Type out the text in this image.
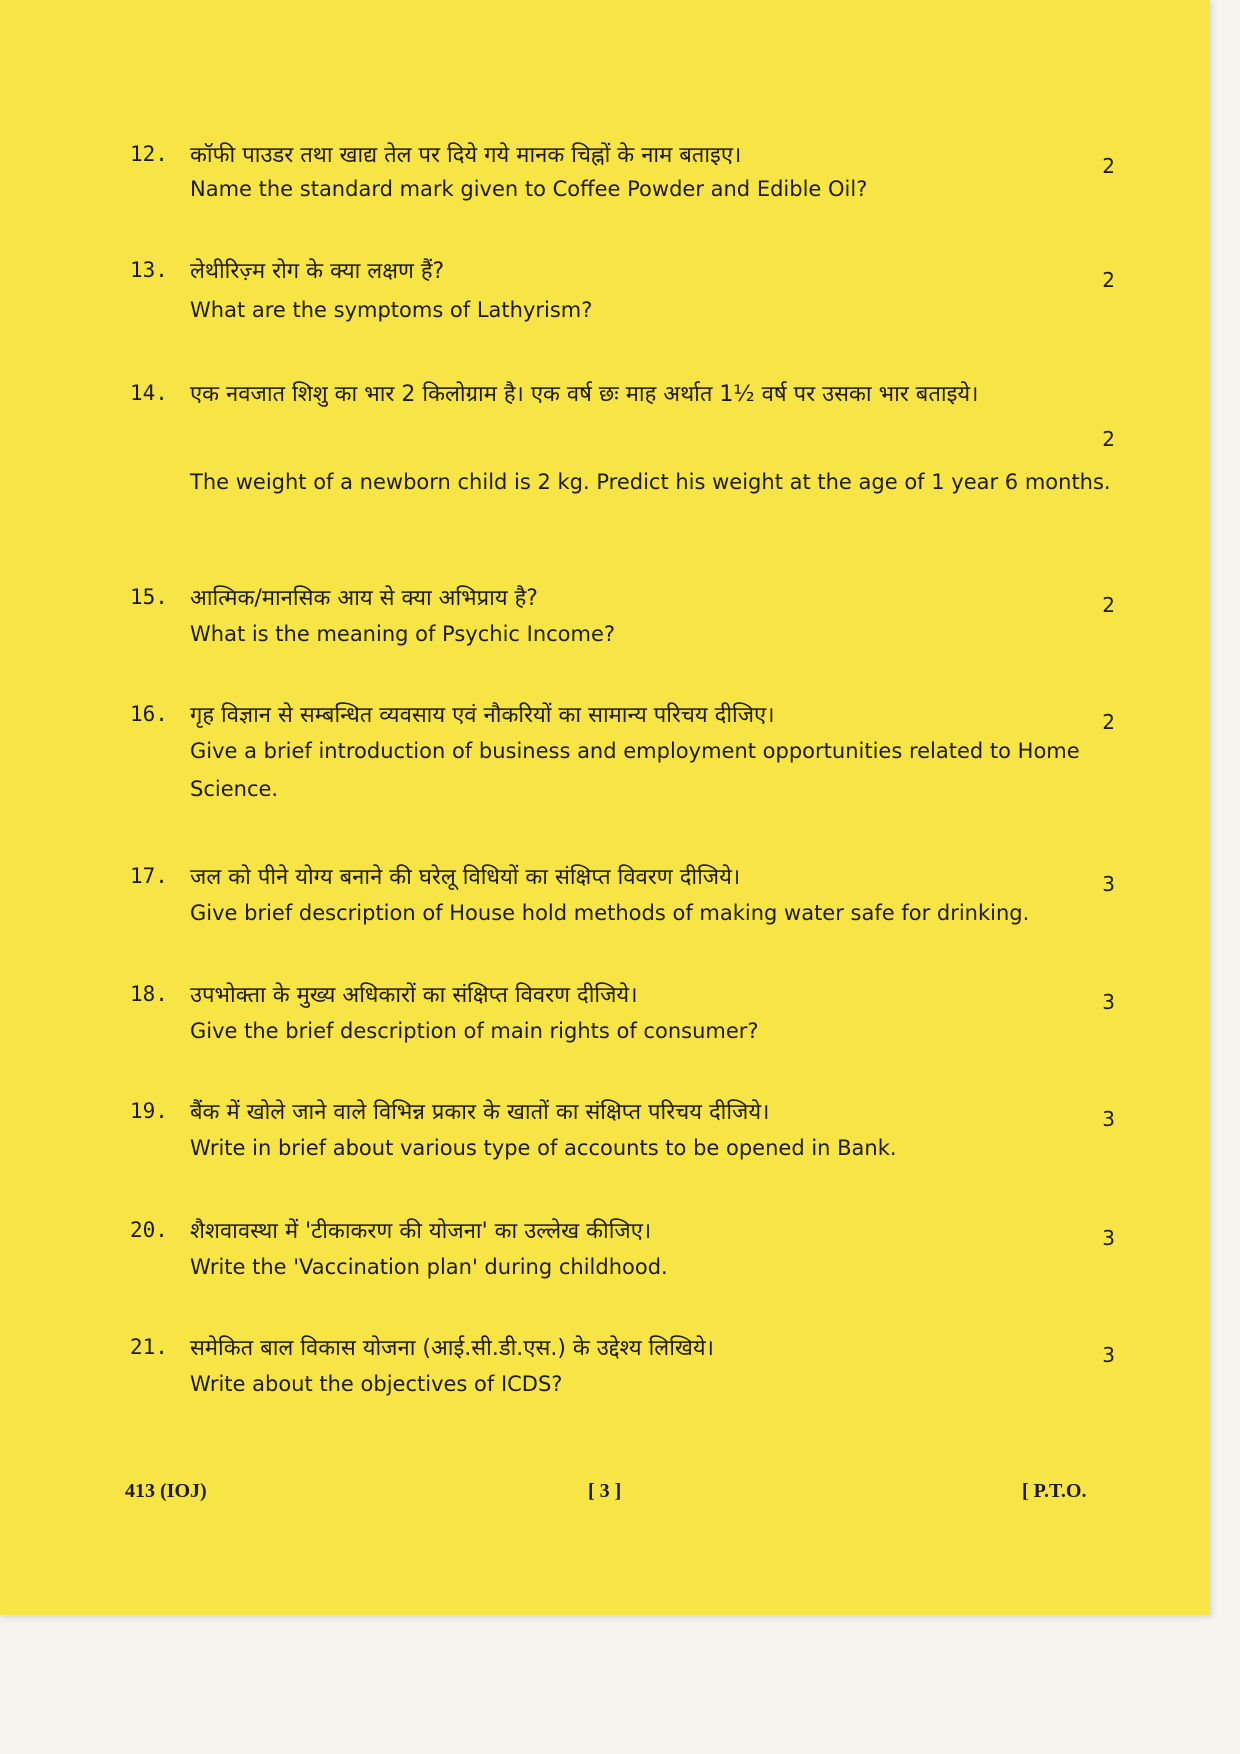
12. कॉफी पाउडर तथा खाद्य तेल पर दिये गये मानक चिह्नों के नाम बताइए।	2
Name the standard mark given to Coffee Powder and Edible Oil?
13. लेथीरिज़्म रोग के क्या लक्षण हैं?	2
What are the symptoms of Lathyrism?
14. एक नवजात शिशु का भार 2 किलोग्राम है। एक वर्ष छः माह अर्थात 1½ वर्ष पर उसका भार बताइये।
2
The weight of a newborn child is 2 kg. Predict his weight at the age of 1 year 6 months.
15. आत्मिक/मानसिक आय से क्या अभिप्राय है?	2
What is the meaning of Psychic Income?
16. गृह विज्ञान से सम्बन्धित व्यवसाय एवं नौकरियों का सामान्य परिचय दीजिए।	2
Give a brief introduction of business and employment opportunities related to Home Science.
17. जल को पीने योग्य बनाने की घरेलू विधियों का संक्षिप्त विवरण दीजिये।	3
Give brief description of House hold methods of making water safe for drinking.
18. उपभोक्ता के मुख्य अधिकारों का संक्षिप्त विवरण दीजिये।	3
Give the brief description of main rights of consumer?
19. बैंक में खोले जाने वाले विभिन्न प्रकार के खातों का संक्षिप्त परिचय दीजिये।	3
Write in brief about various type of accounts to be opened in Bank.
20. शैशवावस्था में 'टीकाकरण की योजना' का उल्लेख कीजिए।	3
Write the 'Vaccination plan' during childhood.
21. समेकित बाल विकास योजना (आई.सी.डी.एस.) के उद्देश्य लिखिये।	3
Write about the objectives of ICDS?
413 (IOJ)	[ 3 ]	[ P.T.O.
